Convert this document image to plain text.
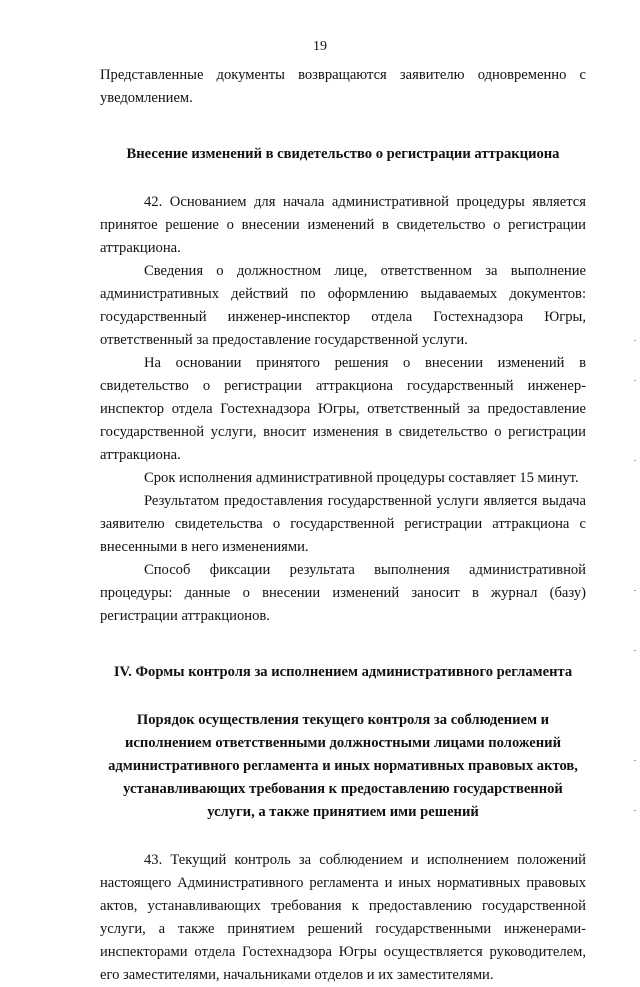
19

Представленные документы возвращаются заявителю одновременно с уведомлением.

Внесение изменений в свидетельство о регистрации аттракциона

42. Основанием для начала административной процедуры является принятое решение о внесении изменений в свидетельство о регистрации аттракциона.

Сведения о должностном лице, ответственном за выполнение административных действий по оформлению выдаваемых документов: государственный инженер-инспектор отдела Гостехнадзора Югры, ответственный за предоставление государственной услуги.

На основании принятого решения о внесении изменений в свидетельство о регистрации аттракциона государственный инженер-инспектор отдела Гостехнадзора Югры, ответственный за предоставление государственной услуги, вносит изменения в свидетельство о регистрации аттракциона.

Срок исполнения административной процедуры составляет 15 минут.

Результатом предоставления государственной услуги является выдача заявителю свидетельства о государственной регистрации аттракциона с внесенными в него изменениями.

Способ фиксации результата выполнения административной процедуры: данные о внесении изменений заносит в журнал (базу) регистрации аттракционов.

IV. Формы контроля за исполнением административного регламента
Порядок осуществления текущего контроля за соблюдением и исполнением ответственными должностными лицами положений административного регламента и иных нормативных правовых актов, устанавливающих требования к предоставлению государственной услуги, а также принятием ими решений

43. Текущий контроль за соблюдением и исполнением положений настоящего Административного регламента и иных нормативных правовых актов, устанавливающих требования к предоставлению государственной услуги, а также принятием решений государственными инженерами-инспекторами отдела Гостехнадзора Югры осуществляется руководителем, его заместителями, начальниками отделов и их заместителями.
